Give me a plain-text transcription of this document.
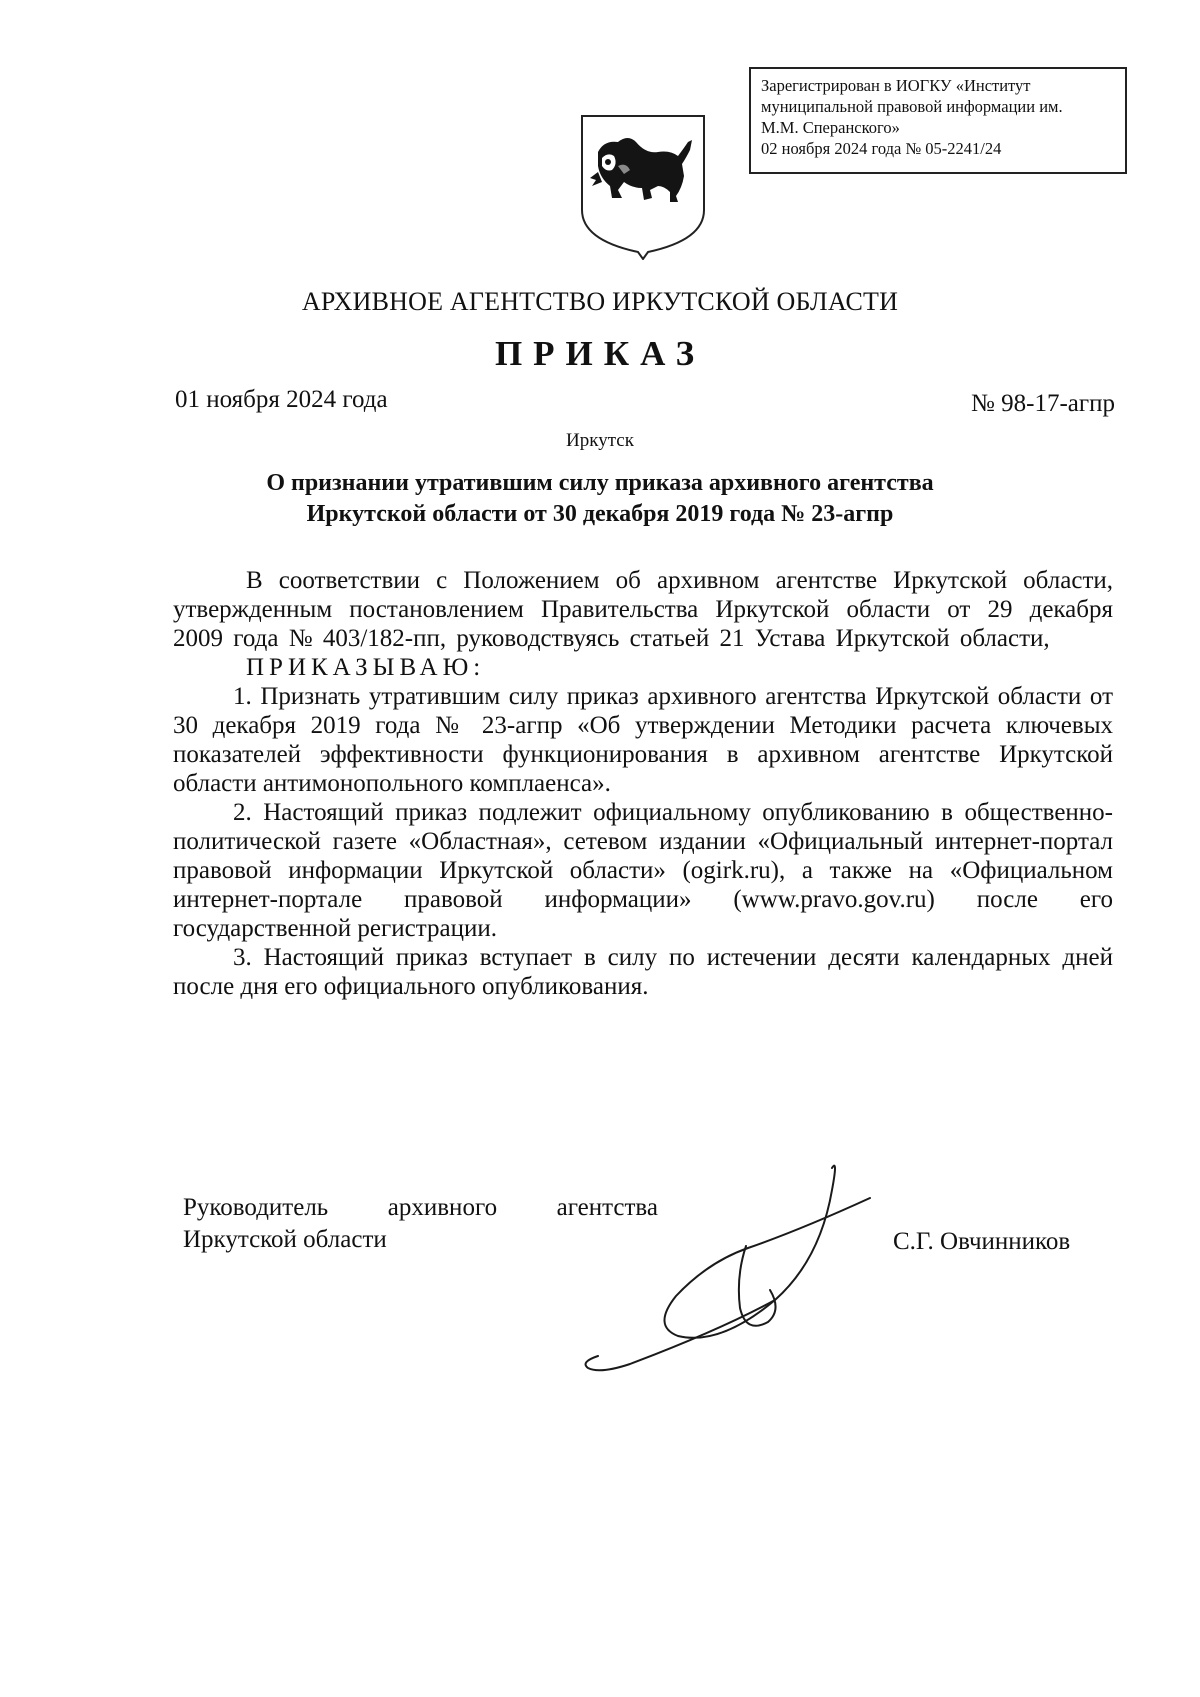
Зарегистрирован в ИОГКУ «Институт
муниципальной правовой информации им.
М.М. Сперанского»
02 ноября 2024 года № 05-2241/24
АРХИВНОЕ АГЕНТСТВО ИРКУТСКОЙ ОБЛАСТИ
ПРИКАЗ
01 ноября 2024 года	№ 98-17-агпр
Иркутск
О признании утратившим силу приказа архивного агентства
Иркутской области от 30 декабря 2019 года № 23-агпр

В соответствии с Положением об архивном агентстве Иркутской области, утвержденным постановлением Правительства Иркутской области от 29 декабря 2009 года № 403/182-пп, руководствуясь статьей 21 Устава Иркутской области,

ПРИКАЗЫВАЮ:

1. Признать утратившим силу приказ архивного агентства Иркутской области от 30 декабря 2019 года № 23-агпр «Об утверждении Методики расчета ключевых показателей эффективности функционирования в архивном агентстве Иркутской области антимонопольного комплаенса».

2. Настоящий приказ подлежит официальному опубликованию в общественно-политической газете «Областная», сетевом издании «Официальный интернет-портал правовой информации Иркутской области» (ogirk.ru), а также на «Официальном интернет-портале правовой информации» (www.pravo.gov.ru) после его государственной регистрации.

3. Настоящий приказ вступает в силу по истечении десяти календарных дней после дня его официального опубликования.

Руководитель архивного агентства
Иркутской области	С.Г. Овчинников
